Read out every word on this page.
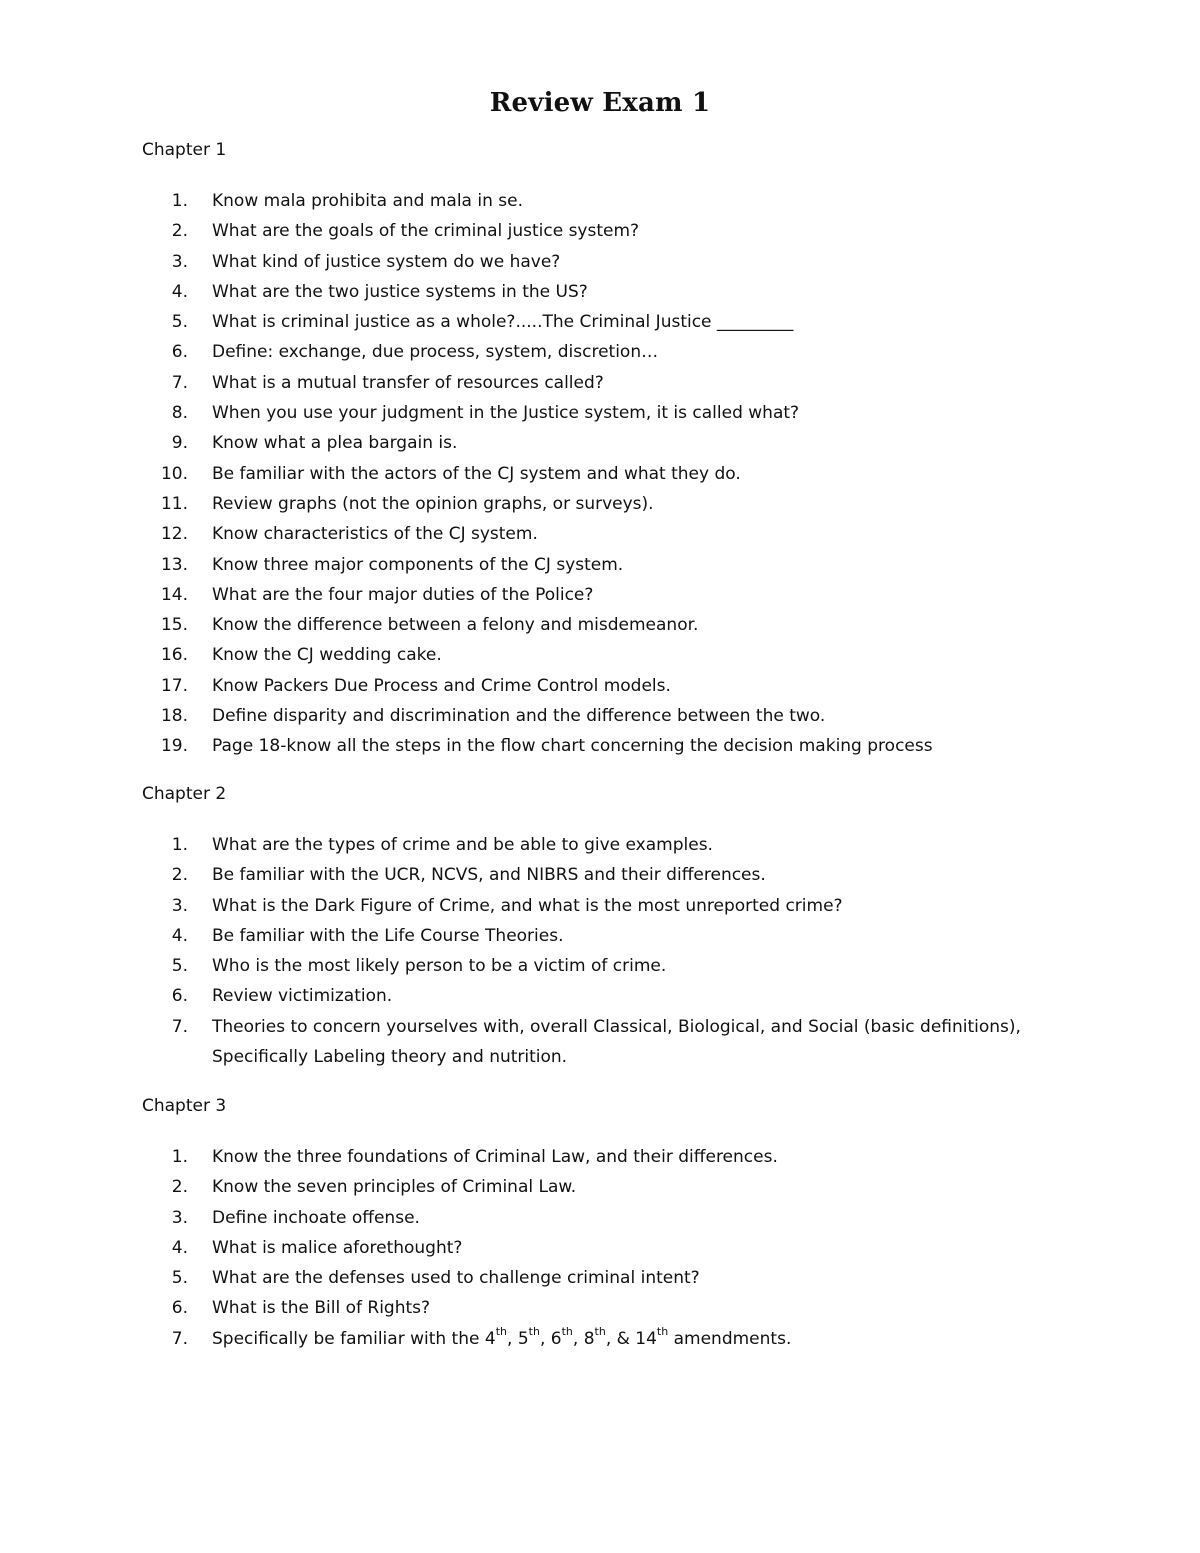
Review Exam 1
Chapter 1
1. Know mala prohibita and mala in se.
2. What are the goals of the criminal justice system?
3. What kind of justice system do we have?
4. What are the two justice systems in the US?
5. What is criminal justice as a whole?.....The Criminal Justice _________
6. Define: exchange, due process, system, discretion…
7. What is a mutual transfer of resources called?
8. When you use your judgment in the Justice system, it is called what?
9. Know what a plea bargain is.
10. Be familiar with the actors of the CJ system and what they do.
11. Review graphs (not the opinion graphs, or surveys).
12. Know characteristics of the CJ system.
13. Know three major components of the CJ system.
14. What are the four major duties of the Police?
15. Know the difference between a felony and misdemeanor.
16. Know the CJ wedding cake.
17. Know Packers Due Process and Crime Control models.
18. Define disparity and discrimination and the difference between the two.
19. Page 18-know all the steps in the flow chart concerning the decision making process
Chapter 2
1. What are the types of crime and be able to give examples.
2. Be familiar with the UCR, NCVS, and NIBRS and their differences.
3. What is the Dark Figure of Crime, and what is the most unreported crime?
4. Be familiar with the Life Course Theories.
5. Who is the most likely person to be a victim of crime.
6. Review victimization.
7. Theories to concern yourselves with, overall Classical, Biological, and Social (basic definitions), Specifically Labeling theory and nutrition.
Chapter 3
1. Know the three foundations of Criminal Law, and their differences.
2. Know the seven principles of Criminal Law.
3. Define inchoate offense.
4. What is malice aforethought?
5. What are the defenses used to challenge criminal intent?
6. What is the Bill of Rights?
7. Specifically be familiar with the 4th, 5th, 6th, 8th, & 14th amendments.
